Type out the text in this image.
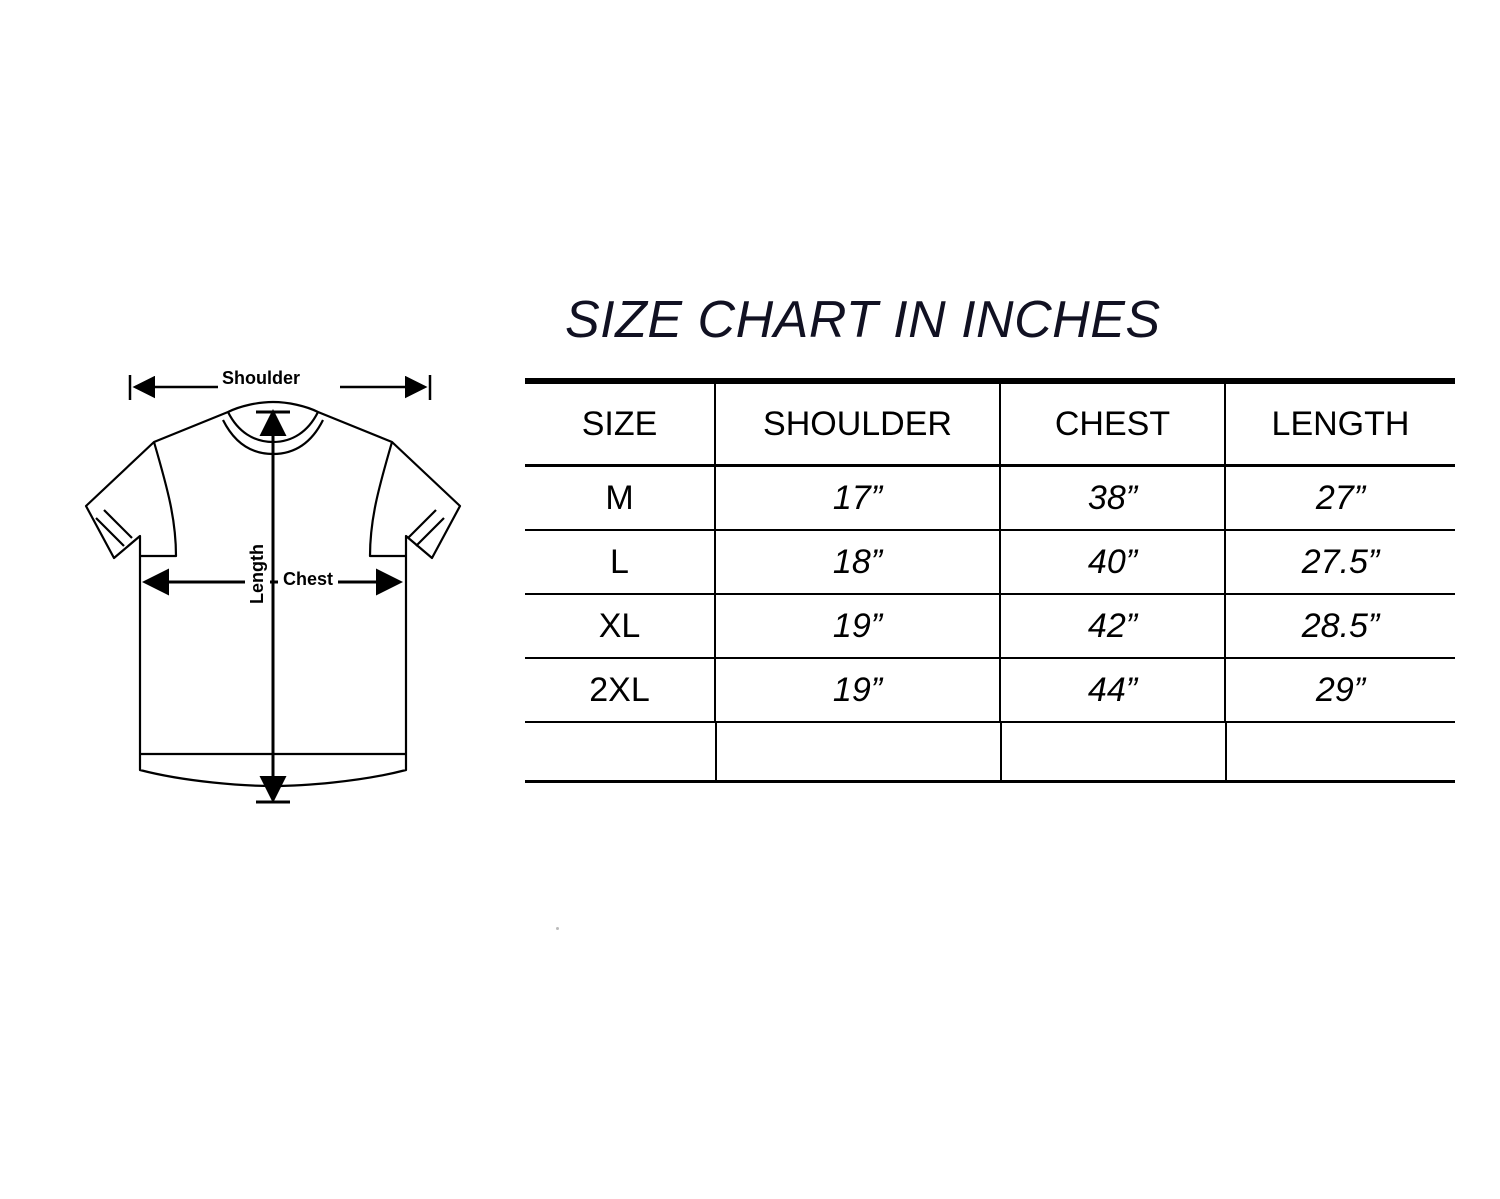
Shoulder
Chest
Length
SIZE CHART IN INCHES
SIZE	SHOULDER	CHEST	LENGTH
M	17”	38”	27”
L	18”	40”	27.5”
XL	19”	42”	28.5”
2XL	19”	44”	29”
